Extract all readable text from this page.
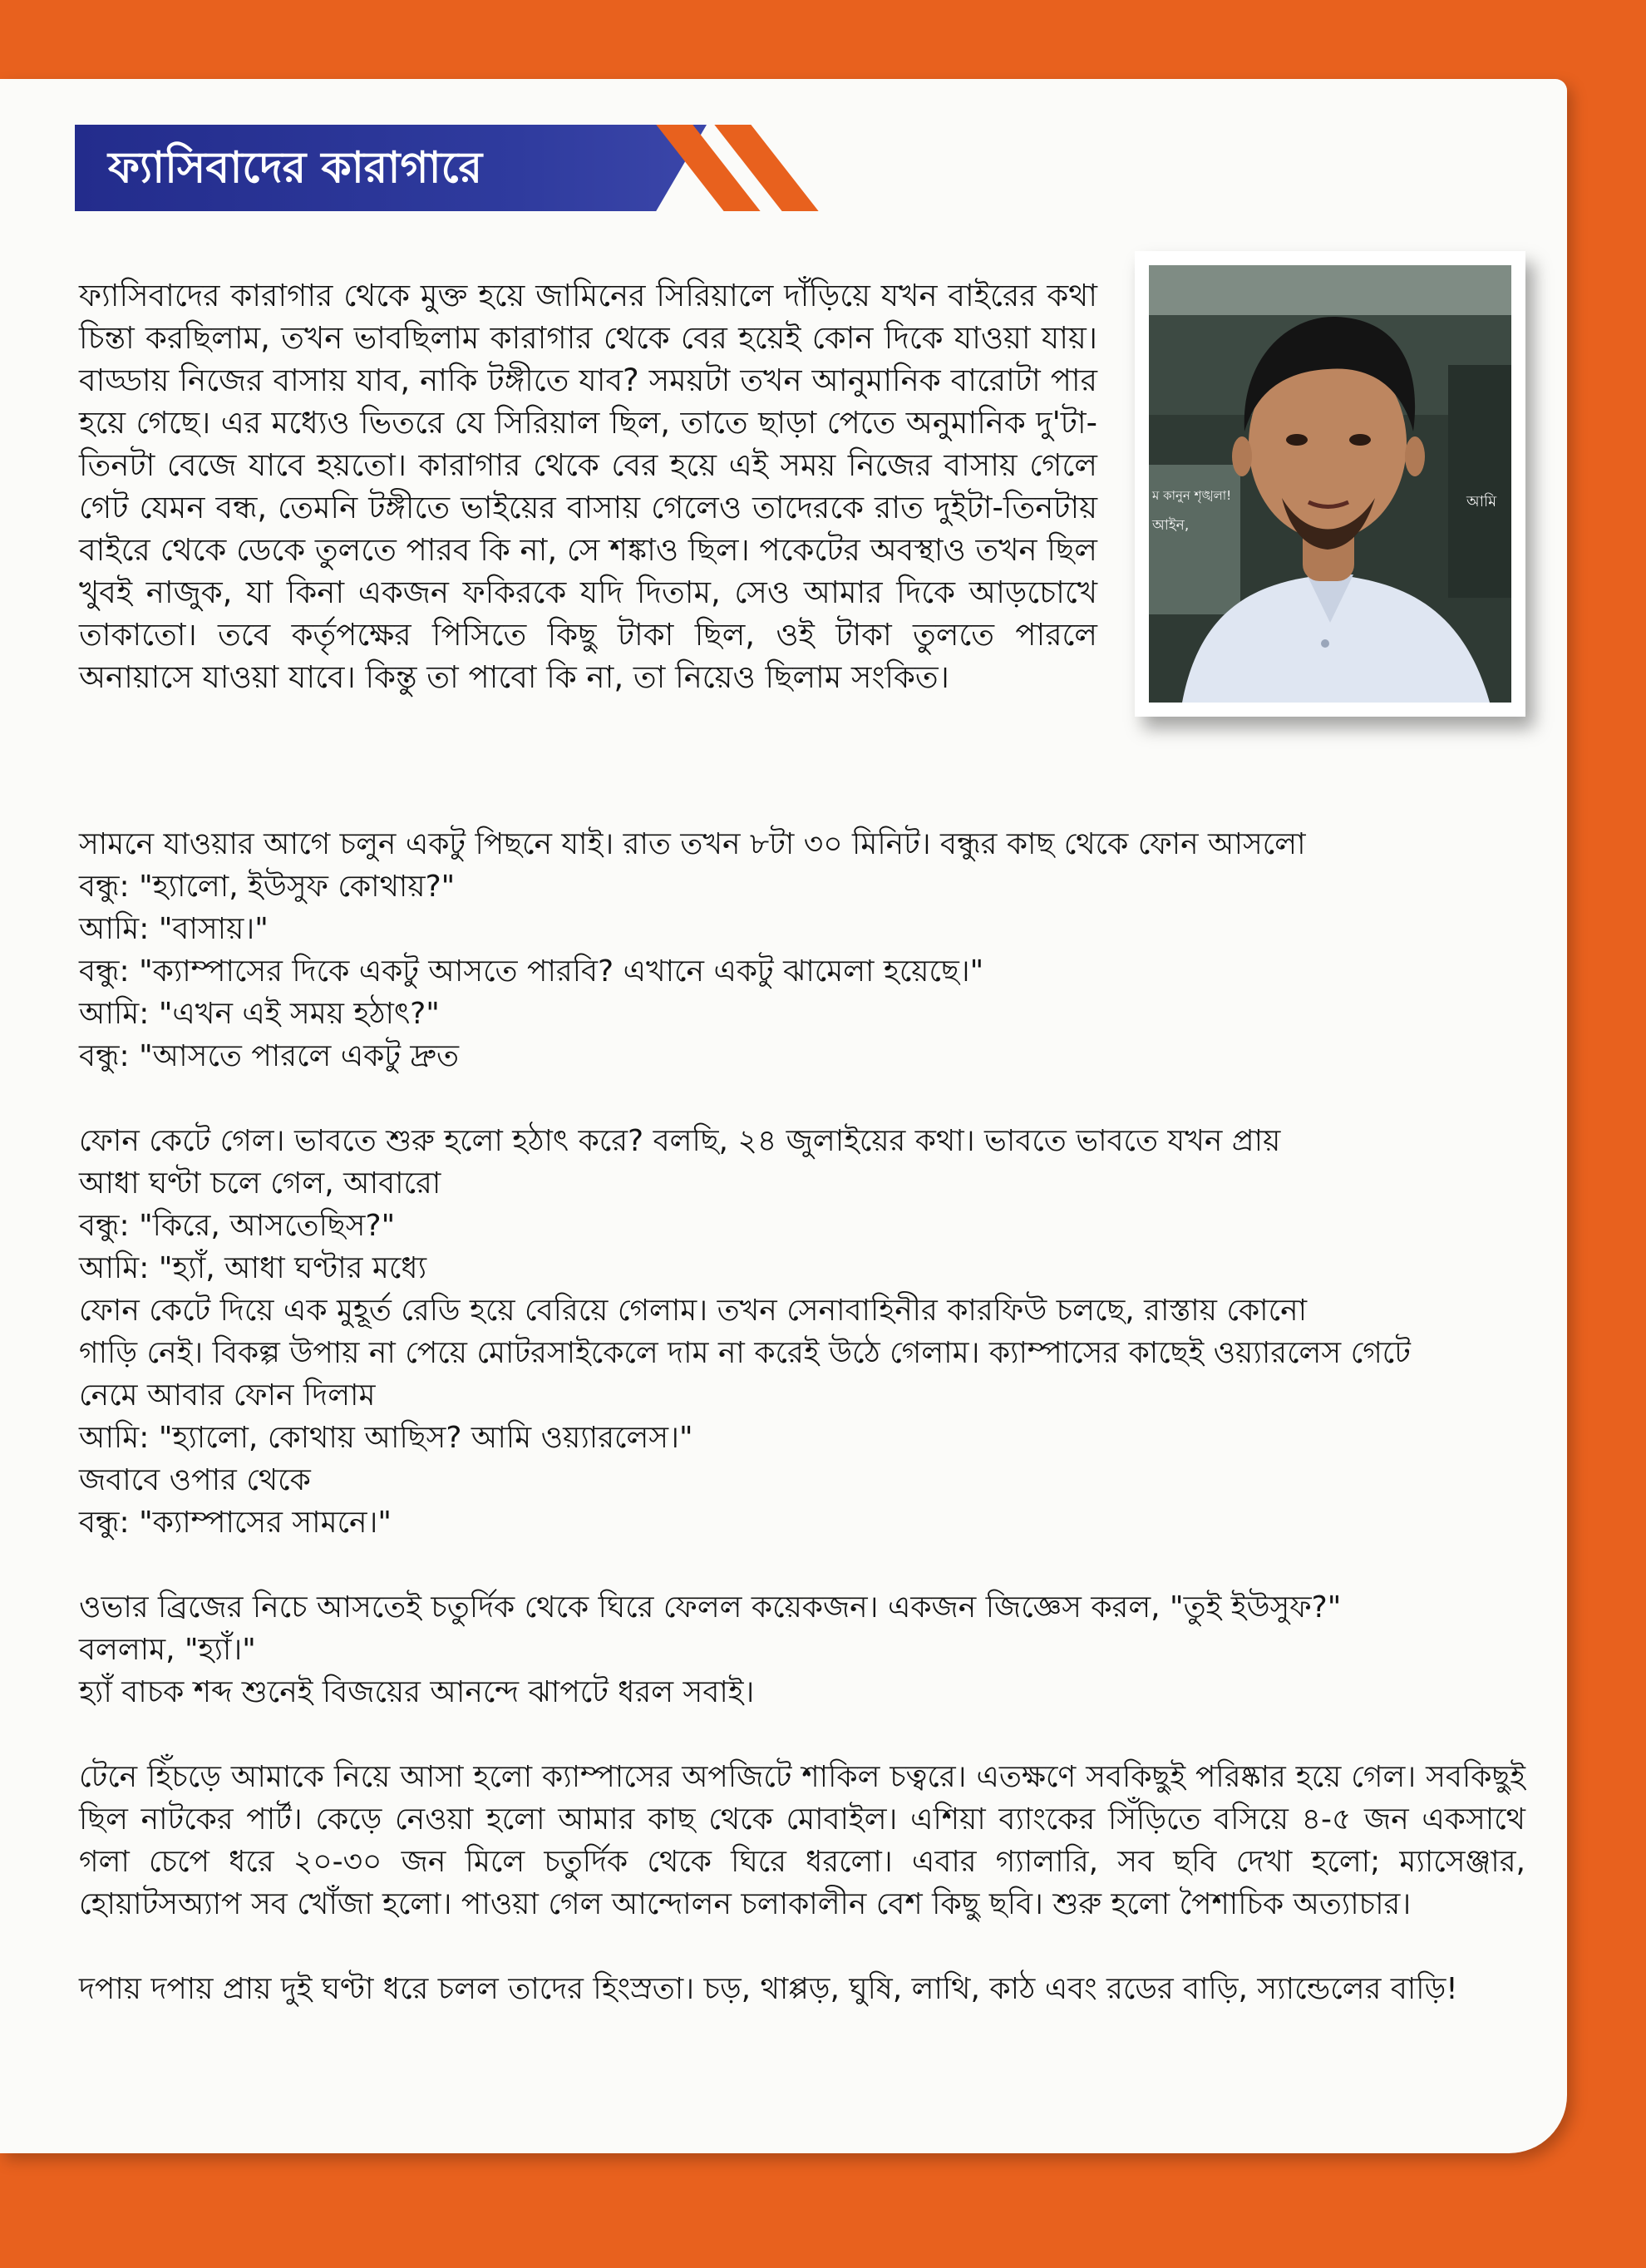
ফ্যাসিবাদের কারাগারে
ম কানুন শৃঙ্খলা!	আমি
আইন,

ফ্যাসিবাদের কারাগার থেকে মুক্ত হয়ে জামিনের সিরিয়ালে দাঁড়িয়ে যখন বাইরের কথা চিন্তা করছিলাম, তখন ভাবছিলাম কারাগার থেকে বের হয়েই কোন দিকে যাওয়া যায়। বাড্ডায় নিজের বাসায় যাব, নাকি টঙ্গীতে যাব? সময়টা তখন আনুমানিক বারোটা পার হয়ে গেছে। এর মধ্যেও ভিতরে যে সিরিয়াল ছিল, তাতে ছাড়া পেতে অনুমানিক দু'টা-তিনটা বেজে যাবে হয়তো। কারাগার থেকে বের হয়ে এই সময় নিজের বাসায় গেলে গেট যেমন বন্ধ, তেমনি টঙ্গীতে ভাইয়ের বাসায় গেলেও তাদেরকে রাত দুইটা-তিনটায় বাইরে থেকে ডেকে তুলতে পারব কি না, সে শঙ্কাও ছিল। পকেটের অবস্থাও তখন ছিল খুবই নাজুক, যা কিনা একজন ফকিরকে যদি দিতাম, সেও আমার দিকে আড়চোখে তাকাতো। তবে কর্তৃপক্ষের পিসিতে কিছু টাকা ছিল, ওই টাকা তুলতে পারলে অনায়াসে যাওয়া যাবে। কিন্তু তা পাবো কি না, তা নিয়েও ছিলাম সংকিত।

সামনে যাওয়ার আগে চলুন একটু পিছনে যাই। রাত তখন ৮টা ৩০ মিনিট। বন্ধুর কাছ থেকে ফোন আসলো

বন্ধু: "হ্যালো, ইউসুফ কোথায়?"

আমি: "বাসায়।"

বন্ধু: "ক্যাম্পাসের দিকে একটু আসতে পারবি? এখানে একটু ঝামেলা হয়েছে।"

আমি: "এখন এই সময় হঠাৎ?"

বন্ধু: "আসতে পারলে একটু দ্রুত

ফোন কেটে গেল। ভাবতে শুরু হলো হঠাৎ করে? বলছি, ২৪ জুলাইয়ের কথা। ভাবতে ভাবতে যখন প্রায়

আধা ঘণ্টা চলে গেল, আবারো

বন্ধু: "কিরে, আসতেছিস?"

আমি: "হ্যাঁ, আধা ঘণ্টার মধ্যে

ফোন কেটে দিয়ে এক মুহূর্ত রেডি হয়ে বেরিয়ে গেলাম। তখন সেনাবাহিনীর কারফিউ চলছে, রাস্তায় কোনো

গাড়ি নেই। বিকল্প উপায় না পেয়ে মোটরসাইকেলে দাম না করেই উঠে গেলাম। ক্যাম্পাসের কাছেই ওয়্যারলেস গেটে

নেমে আবার ফোন দিলাম

আমি: "হ্যালো, কোথায় আছিস? আমি ওয়্যারলেস।"

জবাবে ওপার থেকে

বন্ধু: "ক্যাম্পাসের সামনে।"

ওভার ব্রিজের নিচে আসতেই চতুর্দিক থেকে ঘিরে ফেলল কয়েকজন। একজন জিজ্ঞেস করল, "তুই ইউসুফ?"

বললাম, "হ্যাঁ।"

হ্যাঁ বাচক শব্দ শুনেই বিজয়ের আনন্দে ঝাপটে ধরল সবাই।

টেনে হিঁচড়ে আমাকে নিয়ে আসা হলো ক্যাম্পাসের অপজিটে শাকিল চত্বরে। এতক্ষণে সবকিছুই পরিষ্কার হয়ে গেল। সবকিছুই ছিল নাটকের পার্ট। কেড়ে নেওয়া হলো আমার কাছ থেকে মোবাইল। এশিয়া ব্যাংকের সিঁড়িতে বসিয়ে ৪-৫ জন একসাথে গলা চেপে ধরে ২০-৩০ জন মিলে চতুর্দিক থেকে ঘিরে ধরলো। এবার গ্যালারি, সব ছবি দেখা হলো; ম্যাসেঞ্জার, হোয়াটসঅ্যাপ সব খোঁজা হলো। পাওয়া গেল আন্দোলন চলাকালীন বেশ কিছু ছবি। শুরু হলো পৈশাচিক অত্যাচার।

দপায় দপায় প্রায় দুই ঘণ্টা ধরে চলল তাদের হিংস্রতা। চড়, থাপ্পড়, ঘুষি, লাথি, কাঠ এবং রডের বাড়ি, স্যান্ডেলের বাড়ি!
